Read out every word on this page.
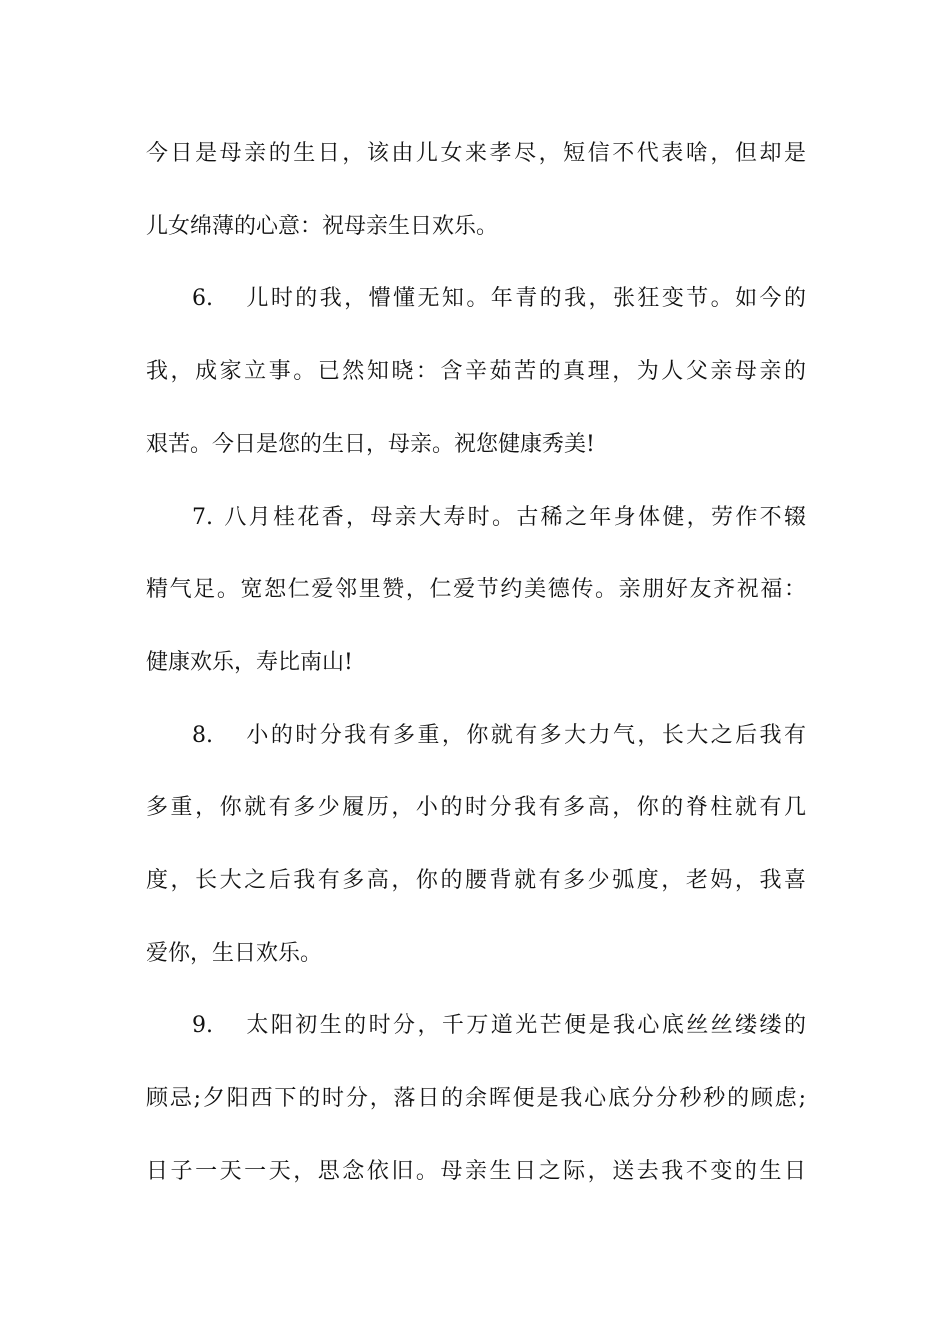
今日是母亲的生日，该由儿女来孝尽，短信不代表啥，但却是
儿女绵薄的心意：祝母亲生日欢乐。
6. 儿时的我，懵懂无知。年青的我，张狂变节。如今的
我，成家立事。已然知晓：含辛茹苦的真理，为人父亲母亲的
艰苦。今日是您的生日，母亲。祝您健康秀美!
7. 八月桂花香，母亲大寿时。古稀之年身体健，劳作不辍
精气足。宽恕仁爱邻里赞，仁爱节约美德传。亲朋好友齐祝福：
健康欢乐，寿比南山!
8. 小的时分我有多重，你就有多大力气，长大之后我有
多重，你就有多少履历，小的时分我有多高，你的脊柱就有几
度，长大之后我有多高，你的腰背就有多少弧度，老妈，我喜
爱你，生日欢乐。
9. 太阳初生的时分，千万道光芒便是我心底丝丝缕缕的
顾忌;夕阳西下的时分，落日的余晖便是我心底分分秒秒的顾虑;
日子一天一天，思念依旧。母亲生日之际，送去我不变的生日
